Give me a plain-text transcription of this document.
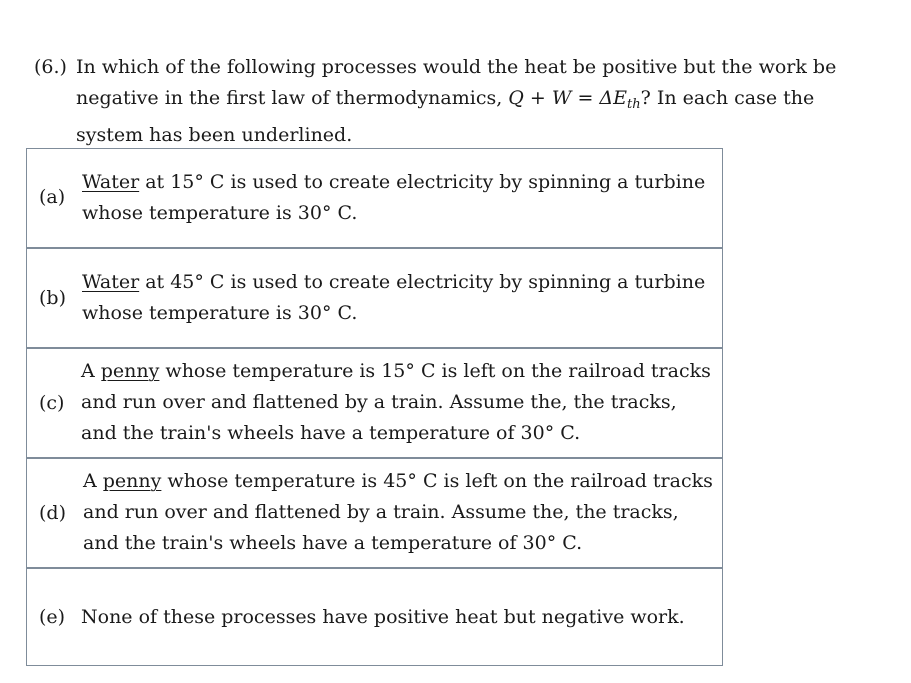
(6.) In which of the following processes would the heat be positive but the work be negative in the first law of thermodynamics, $Q + W = \Delta E_{th}$? In each case the system has been underlined.
(a)
Water at 15° C is used to create electricity by spinning a turbine whose temperature is 30° C.
(b)
Water at 45° C is used to create electricity by spinning a turbine whose temperature is 30° C.
(c)
A penny whose temperature is 15° C is left on the railroad tracks and run over and flattened by a train. Assume the, the tracks, and the train's wheels have a temperature of 30° C.
(d)
A penny whose temperature is 45° C is left on the railroad tracks and run over and flattened by a train. Assume the, the tracks, and the train's wheels have a temperature of 30° C.
(e) None of these processes have positive heat but negative work.
